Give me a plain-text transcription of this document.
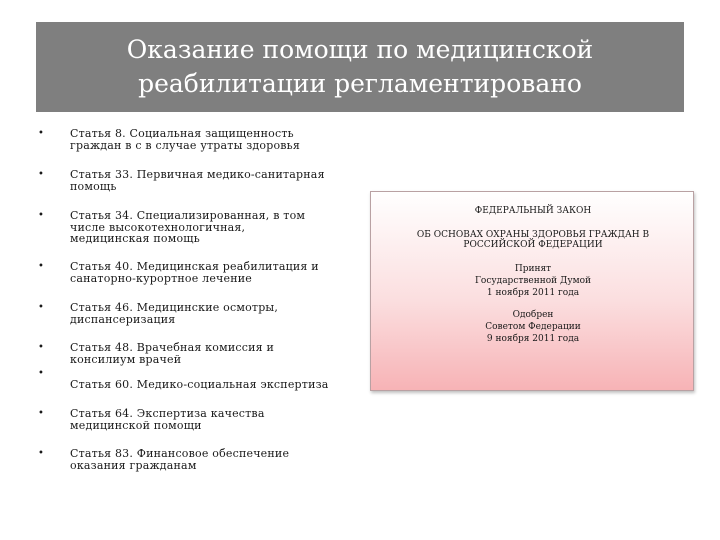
Оказание помощи по медицинской
реабилитации регламентировано
• Статья 8. Социальная защищенность
граждан в с в случае утраты здоровья
• Статья 33. Первичная медико-санитарная
помощь
• Статья 34. Специализированная, в том
числе высокотехнологичная,
медицинская помощь
• Статья 40. Медицинская реабилитация и
санаторно-курортное лечение
• Статья 46. Медицинские осмотры,
диспансеризация
• Статья 48. Врачебная комиссия и
консилиум врачей
•
Статья 60. Медико-социальная экспертиза
• Статья 64. Экспертиза качества
медицинской помощи
• Статья 83. Финансовое обеспечение
оказания гражданам
ФЕДЕРАЛЬНЫЙ ЗАКОН
ОБ ОСНОВАХ ОХРАНЫ ЗДОРОВЬЯ ГРАЖДАН В
РОССИЙСКОЙ ФЕДЕРАЦИИ
Принят
Государственной Думой
1 ноября 2011 года
Одобрен
Советом Федерации
9 ноября 2011 года
